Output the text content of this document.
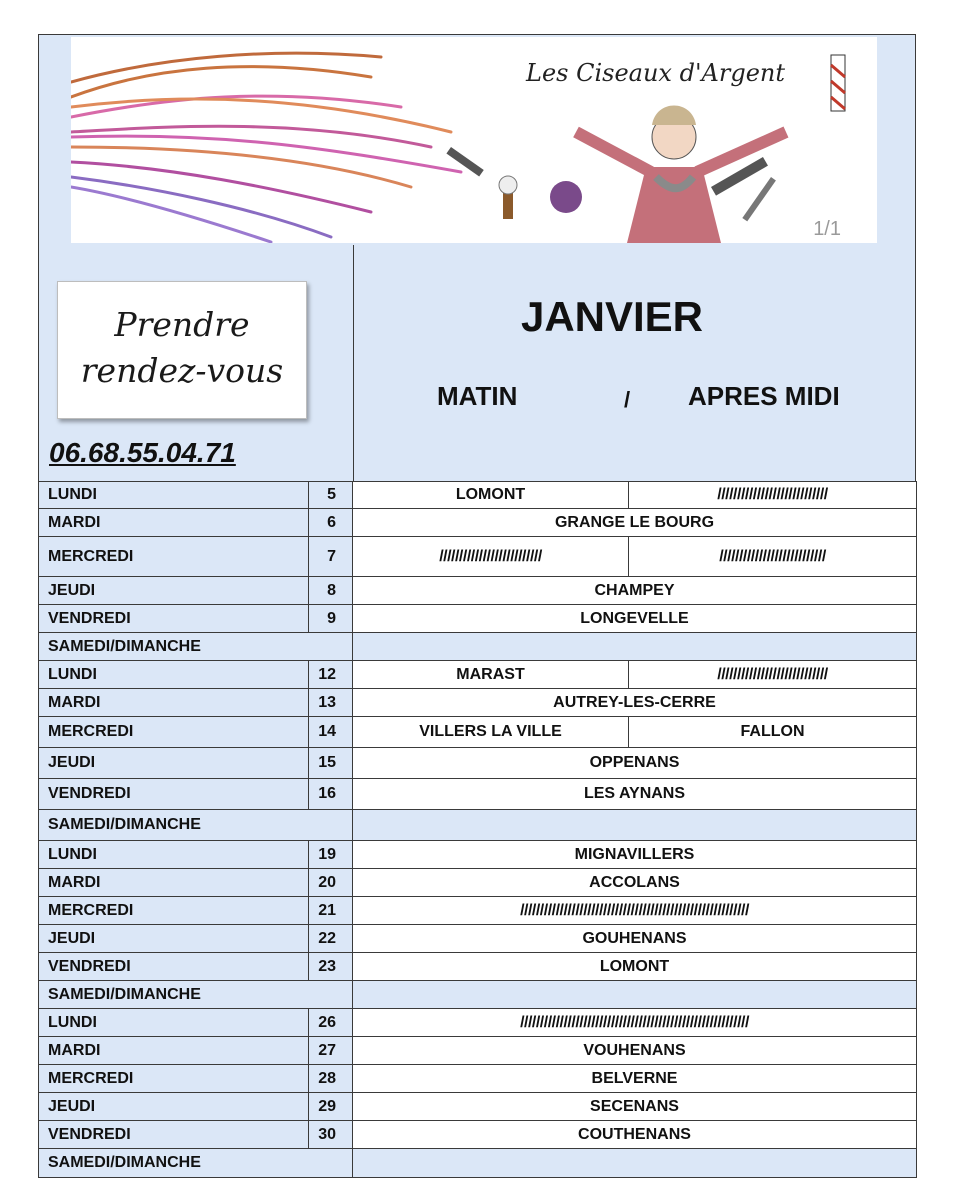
Les Ciseaux d'Argent
1/1
Prendre
rendez-vous
06.68.55.04.71
JANVIER
MATIN	/ APRES MIDI
LUNDI	5	LOMONT	////////////////////////////
MARDI	6	GRANGE LE BOURG	
MERCREDI	7	//////////////////////////	///////////////////////////
JEUDI	8	CHAMPEY	
VENDREDI	9	LONGEVELLE	
SAMEDI/DIMANCHE			
LUNDI	12	MARAST	////////////////////////////
MARDI	13	AUTREY-LES-CERRE	
MERCREDI	14	VILLERS LA VILLE	FALLON
JEUDI	15	OPPENANS	
VENDREDI	16	LES AYNANS	
SAMEDI/DIMANCHE			
LUNDI	19	MIGNAVILLERS	
MARDI	20	ACCOLANS	
MERCREDI	21	//////////////////////////////////////////////////////////	
JEUDI	22	GOUHENANS	
VENDREDI	23	LOMONT	
SAMEDI/DIMANCHE			
LUNDI	26	//////////////////////////////////////////////////////////	
MARDI	27	VOUHENANS	
MERCREDI	28	BELVERNE	
JEUDI	29	SECENANS	
VENDREDI	30	COUTHENANS	
SAMEDI/DIMANCHE			
